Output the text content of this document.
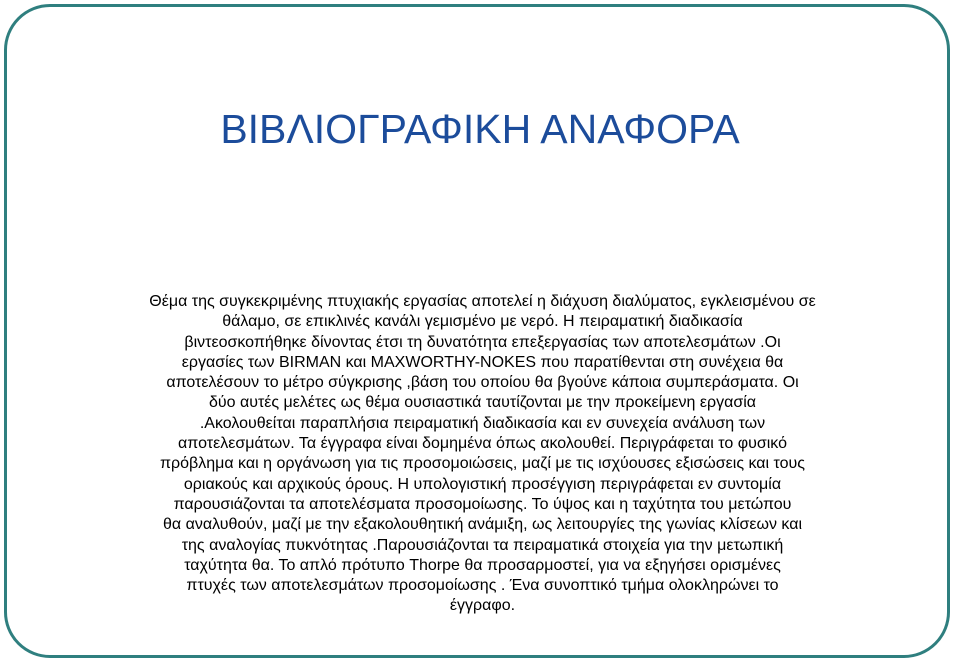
ΒΙΒΛΙΟΓΡΑΦΙΚΗ ΑΝΑΦΟΡΑ
Θέμα της συγκεκριμένης πτυχιακής εργασίας αποτελεί η διάχυση διαλύματος, εγκλεισμένου σε
θάλαμο, σε επικλινές κανάλι γεμισμένο με νερό. Η πειραματική διαδικασία
βιντεοσκοπήθηκε δίνοντας έτσι τη δυνατότητα επεξεργασίας των αποτελεσμάτων .Οι
εργασίες των BIRMAN και MAXWORTHY-NOKES που παρατίθενται στη συνέχεια θα
αποτελέσουν το μέτρο σύγκρισης ,βάση του οποίου θα βγούνε κάποια συμπεράσματα. Οι
δύο αυτές μελέτες ως θέμα ουσιαστικά ταυτίζονται με την προκείμενη εργασία
.Ακολουθείται παραπλήσια πειραματική διαδικασία και εν συνεχεία ανάλυση των
αποτελεσμάτων. Τα έγγραφα είναι δομημένα όπως ακολουθεί. Περιγράφεται το φυσικό
πρόβλημα και η οργάνωση για τις προσομοιώσεις, μαζί με τις ισχύουσες εξισώσεις και τους
οριακούς και αρχικούς όρους. Η υπολογιστική προσέγγιση περιγράφεται εν συντομία
παρουσιάζονται τα αποτελέσματα προσομοίωσης. Το ύψος και η ταχύτητα του μετώπου
θα αναλυθούν, μαζί με την εξακολουθητική ανάμιξη, ως λειτουργίες της γωνίας κλίσεων και
της αναλογίας πυκνότητας .Παρουσιάζονται τα πειραματικά στοιχεία για την μετωπική
ταχύτητα θα. Το απλό πρότυπο Thorpe θα προσαρμοστεί, για να εξηγήσει ορισμένες
πτυχές των αποτελεσμάτων προσομοίωσης . Ένα συνοπτικό τμήμα ολοκληρώνει το
έγγραφο.
